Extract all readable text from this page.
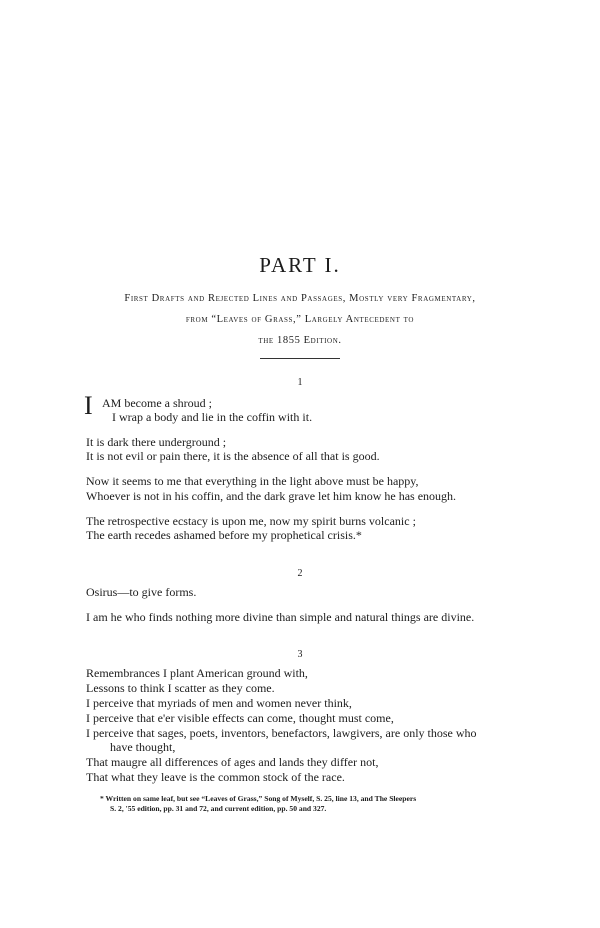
PART I.
First Drafts and Rejected Lines and Passages, Mostly very Fragmentary,
from “Leaves of Grass,” Largely Antecedent to
the 1855 Edition.
1
I AM become a shroud ;
I wrap a body and lie in the coffin with it.
It is dark there underground ;
It is not evil or pain there, it is the absence of all that is good.
Now it seems to me that everything in the light above must be happy,
Whoever is not in his coffin, and the dark grave let him know he has enough.
The retrospective ecstacy is upon me, now my spirit burns volcanic ;
The earth recedes ashamed before my prophetical crisis.*
2
Osirus—to give forms.
I am he who finds nothing more divine than simple and natural things are divine.
3
Remembrances I plant American ground with,
Lessons to think I scatter as they come.
I perceive that myriads of men and women never think,
I perceive that e'er visible effects can come, thought must come,
I perceive that sages, poets, inventors, benefactors, lawgivers, are only those who
have thought,
That maugre all differences of ages and lands they differ not,
That what they leave is the common stock of the race.
* Written on same leaf, but see “Leaves of Grass,” Song of Myself, S. 25, line 13, and The Sleepers
S. 2, '55 edition, pp. 31 and 72, and current edition, pp. 50 and 327.
